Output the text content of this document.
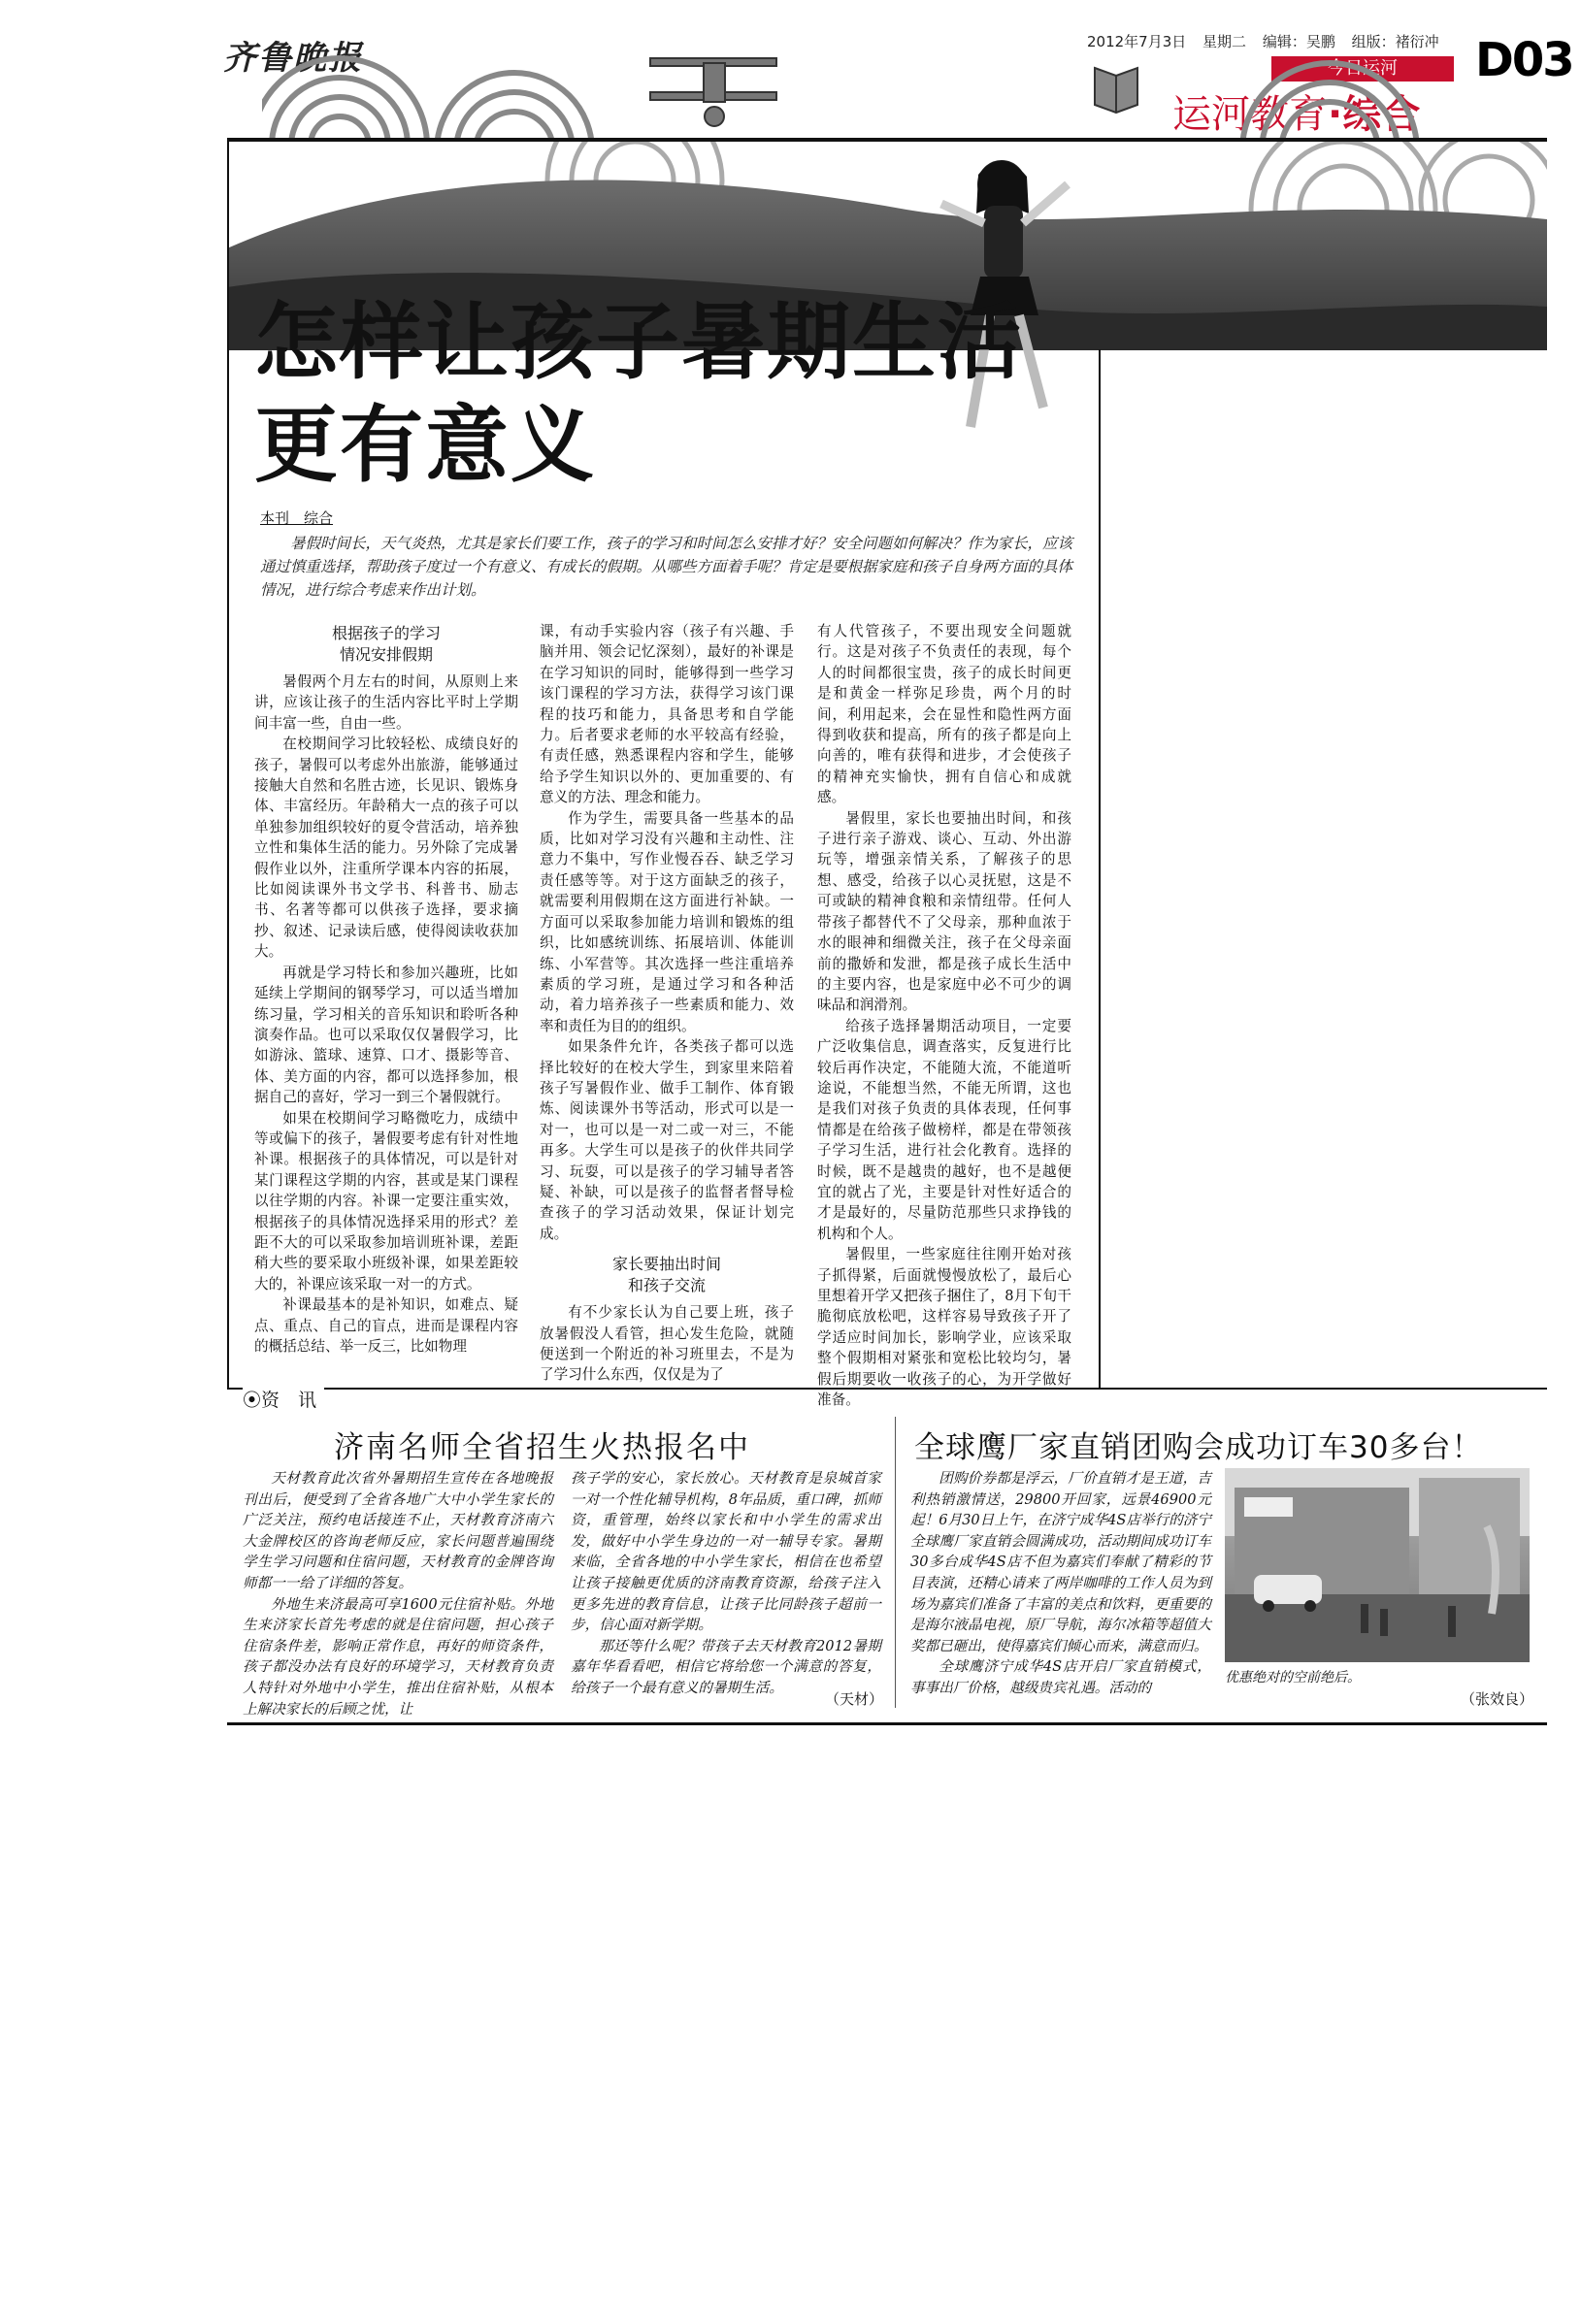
齐鲁晚报	2012年7月3日 星期二 编辑：吴鹏 组版：褚衍冲
今日运河
运河教育·综合
D03
怎样让孩子暑期生活
更有意义
本刊　综合
暑假时间长，天气炎热，尤其是家长们要工作，孩子的学习和时间怎么安排才好？安全问题如何解决？作为家长，应该通过慎重选择，帮助孩子度过一个有意义、有成长的假期。从哪些方面着手呢？肯定是要根据家庭和孩子自身两方面的具体情况，进行综合考虑来作出计划。
根据孩子的学习
情况安排假期

暑假两个月左右的时间，从原则上来讲，应该让孩子的生活内容比平时上学期间丰富一些，自由一些。

在校期间学习比较轻松、成绩良好的孩子，暑假可以考虑外出旅游，能够通过接触大自然和名胜古迹，长见识、锻炼身体、丰富经历。年龄稍大一点的孩子可以单独参加组织较好的夏令营活动，培养独立性和集体生活的能力。另外除了完成暑假作业以外，注重所学课本内容的拓展，比如阅读课外书文学书、科普书、励志书、名著等都可以供孩子选择，要求摘抄、叙述、记录读后感，使得阅读收获加大。

再就是学习特长和参加兴趣班，比如延续上学期间的钢琴学习，可以适当增加练习量，学习相关的音乐知识和聆听各种演奏作品。也可以采取仅仅暑假学习，比如游泳、篮球、速算、口才、摄影等音、体、美方面的内容，都可以选择参加，根据自己的喜好，学习一到三个暑假就行。

如果在校期间学习略微吃力，成绩中等或偏下的孩子，暑假要考虑有针对性地补课。根据孩子的具体情况，可以是针对某门课程这学期的内容，甚或是某门课程以往学期的内容。补课一定要注重实效，根据孩子的具体情况选择采用的形式？差距不大的可以采取参加培训班补课，差距稍大些的要采取小班级补课，如果差距较大的，补课应该采取一对一的方式。

补课最基本的是补知识，如难点、疑点、重点、自己的盲点，进而是课程内容的概括总结、举一反三，比如物理

课，有动手实验内容（孩子有兴趣、手脑并用、领会记忆深刻），最好的补课是在学习知识的同时，能够得到一些学习该门课程的学习方法，获得学习该门课程的技巧和能力，具备思考和自学能力。后者要求老师的水平较高有经验，有责任感，熟悉课程内容和学生，能够给予学生知识以外的、更加重要的、有意义的方法、理念和能力。

作为学生，需要具备一些基本的品质，比如对学习没有兴趣和主动性、注意力不集中，写作业慢吞吞、缺乏学习责任感等等。对于这方面缺乏的孩子，就需要利用假期在这方面进行补缺。一方面可以采取参加能力培训和锻炼的组织，比如感统训练、拓展培训、体能训练、小军营等。其次选择一些注重培养素质的学习班，是通过学习和各种活动，着力培养孩子一些素质和能力、效率和责任为目的的组织。

如果条件允许，各类孩子都可以选择比较好的在校大学生，到家里来陪着孩子写暑假作业、做手工制作、体育锻炼、阅读课外书等活动，形式可以是一对一，也可以是一对二或一对三，不能再多。大学生可以是孩子的伙伴共同学习、玩耍，可以是孩子的学习辅导者答疑、补缺，可以是孩子的监督者督导检查孩子的学习活动效果，保证计划完成。

家长要抽出时间
和孩子交流

有不少家长认为自己要上班，孩子放暑假没人看管，担心发生危险，就随便送到一个附近的补习班里去，不是为了学习什么东西，仅仅是为了

有人代管孩子，不要出现安全问题就行。这是对孩子不负责任的表现，每个人的时间都很宝贵，孩子的成长时间更是和黄金一样弥足珍贵，两个月的时间，利用起来，会在显性和隐性两方面得到收获和提高，所有的孩子都是向上向善的，唯有获得和进步，才会使孩子的精神充实愉快，拥有自信心和成就感。

暑假里，家长也要抽出时间，和孩子进行亲子游戏、谈心、互动、外出游玩等，增强亲情关系，了解孩子的思想、感受，给孩子以心灵抚慰，这是不可或缺的精神食粮和亲情纽带。任何人带孩子都替代不了父母亲，那种血浓于水的眼神和细微关注，孩子在父母亲面前的撒娇和发泄，都是孩子成长生活中的主要内容，也是家庭中必不可少的调味品和润滑剂。

给孩子选择暑期活动项目，一定要广泛收集信息，调查落实，反复进行比较后再作决定，不能随大流，不能道听途说，不能想当然，不能无所谓，这也是我们对孩子负责的具体表现，任何事情都是在给孩子做榜样，都是在带领孩子学习生活，进行社会化教育。选择的时候，既不是越贵的越好，也不是越便宜的就占了光，主要是针对性好适合的才是最好的，尽量防范那些只求挣钱的机构和个人。

暑假里，一些家庭往往刚开始对孩子抓得紧，后面就慢慢放松了，最后心里想着开学又把孩子捆住了，8月下旬干脆彻底放松吧，这样容易导致孩子开了学适应时间加长，影响学业，应该采取整个假期相对紧张和宽松比较均匀，暑假后期要收一收孩子的心，为开学做好准备。

⦿资　讯
济南名师全省招生火热报名中

天材教育此次省外暑期招生宣传在各地晚报刊出后，便受到了全省各地广大中小学生家长的广泛关注，预约电话接连不止，天材教育济南六大金牌校区的咨询老师反应，家长问题普遍围绕学生学习问题和住宿问题，天材教育的金牌咨询师都一一给了详细的答复。

外地生来济最高可享1600元住宿补贴。外地生来济家长首先考虑的就是住宿问题，担心孩子住宿条件差，影响正常作息，再好的师资条件，孩子都没办法有良好的环境学习，天材教育负责人特针对外地中小学生，推出住宿补贴，从根本上解决家长的后顾之忧，让

孩子学的安心，家长放心。天材教育是泉城首家一对一个性化辅导机构，8年品质，重口碑，抓师资，重管理，始终以家长和中小学生的需求出发，做好中小学生身边的一对一辅导专家。暑期来临，全省各地的中小学生家长，相信在也希望让孩子接触更优质的济南教育资源，给孩子注入更多先进的教育信息，让孩子比同龄孩子超前一步，信心面对新学期。

那还等什么呢？带孩子去天材教育2012暑期嘉年华看看吧，相信它将给您一个满意的答复，给孩子一个最有意义的暑期生活。

（天材）
全球鹰厂家直销团购会成功订车30多台！

团购价券都是浮云，厂价直销才是王道，吉利热销激情送，29800开回家，远景46900元起！6月30日上午，在济宁成华4S店举行的济宁全球鹰厂家直销会圆满成功，活动期间成功订车30多台成华4S店不但为嘉宾们奉献了精彩的节目表演，还精心请来了两岸咖啡的工作人员为到场为嘉宾们准备了丰富的美点和饮料，更重要的是海尔液晶电视，原厂导航，海尔冰箱等超值大奖都已砸出，使得嘉宾们倾心而来，满意而归。

全球鹰济宁成华4S店开启厂家直销模式，事事出厂价格，越级贵宾礼遇。活动的

优惠绝对的空前绝后。
（张效良）
